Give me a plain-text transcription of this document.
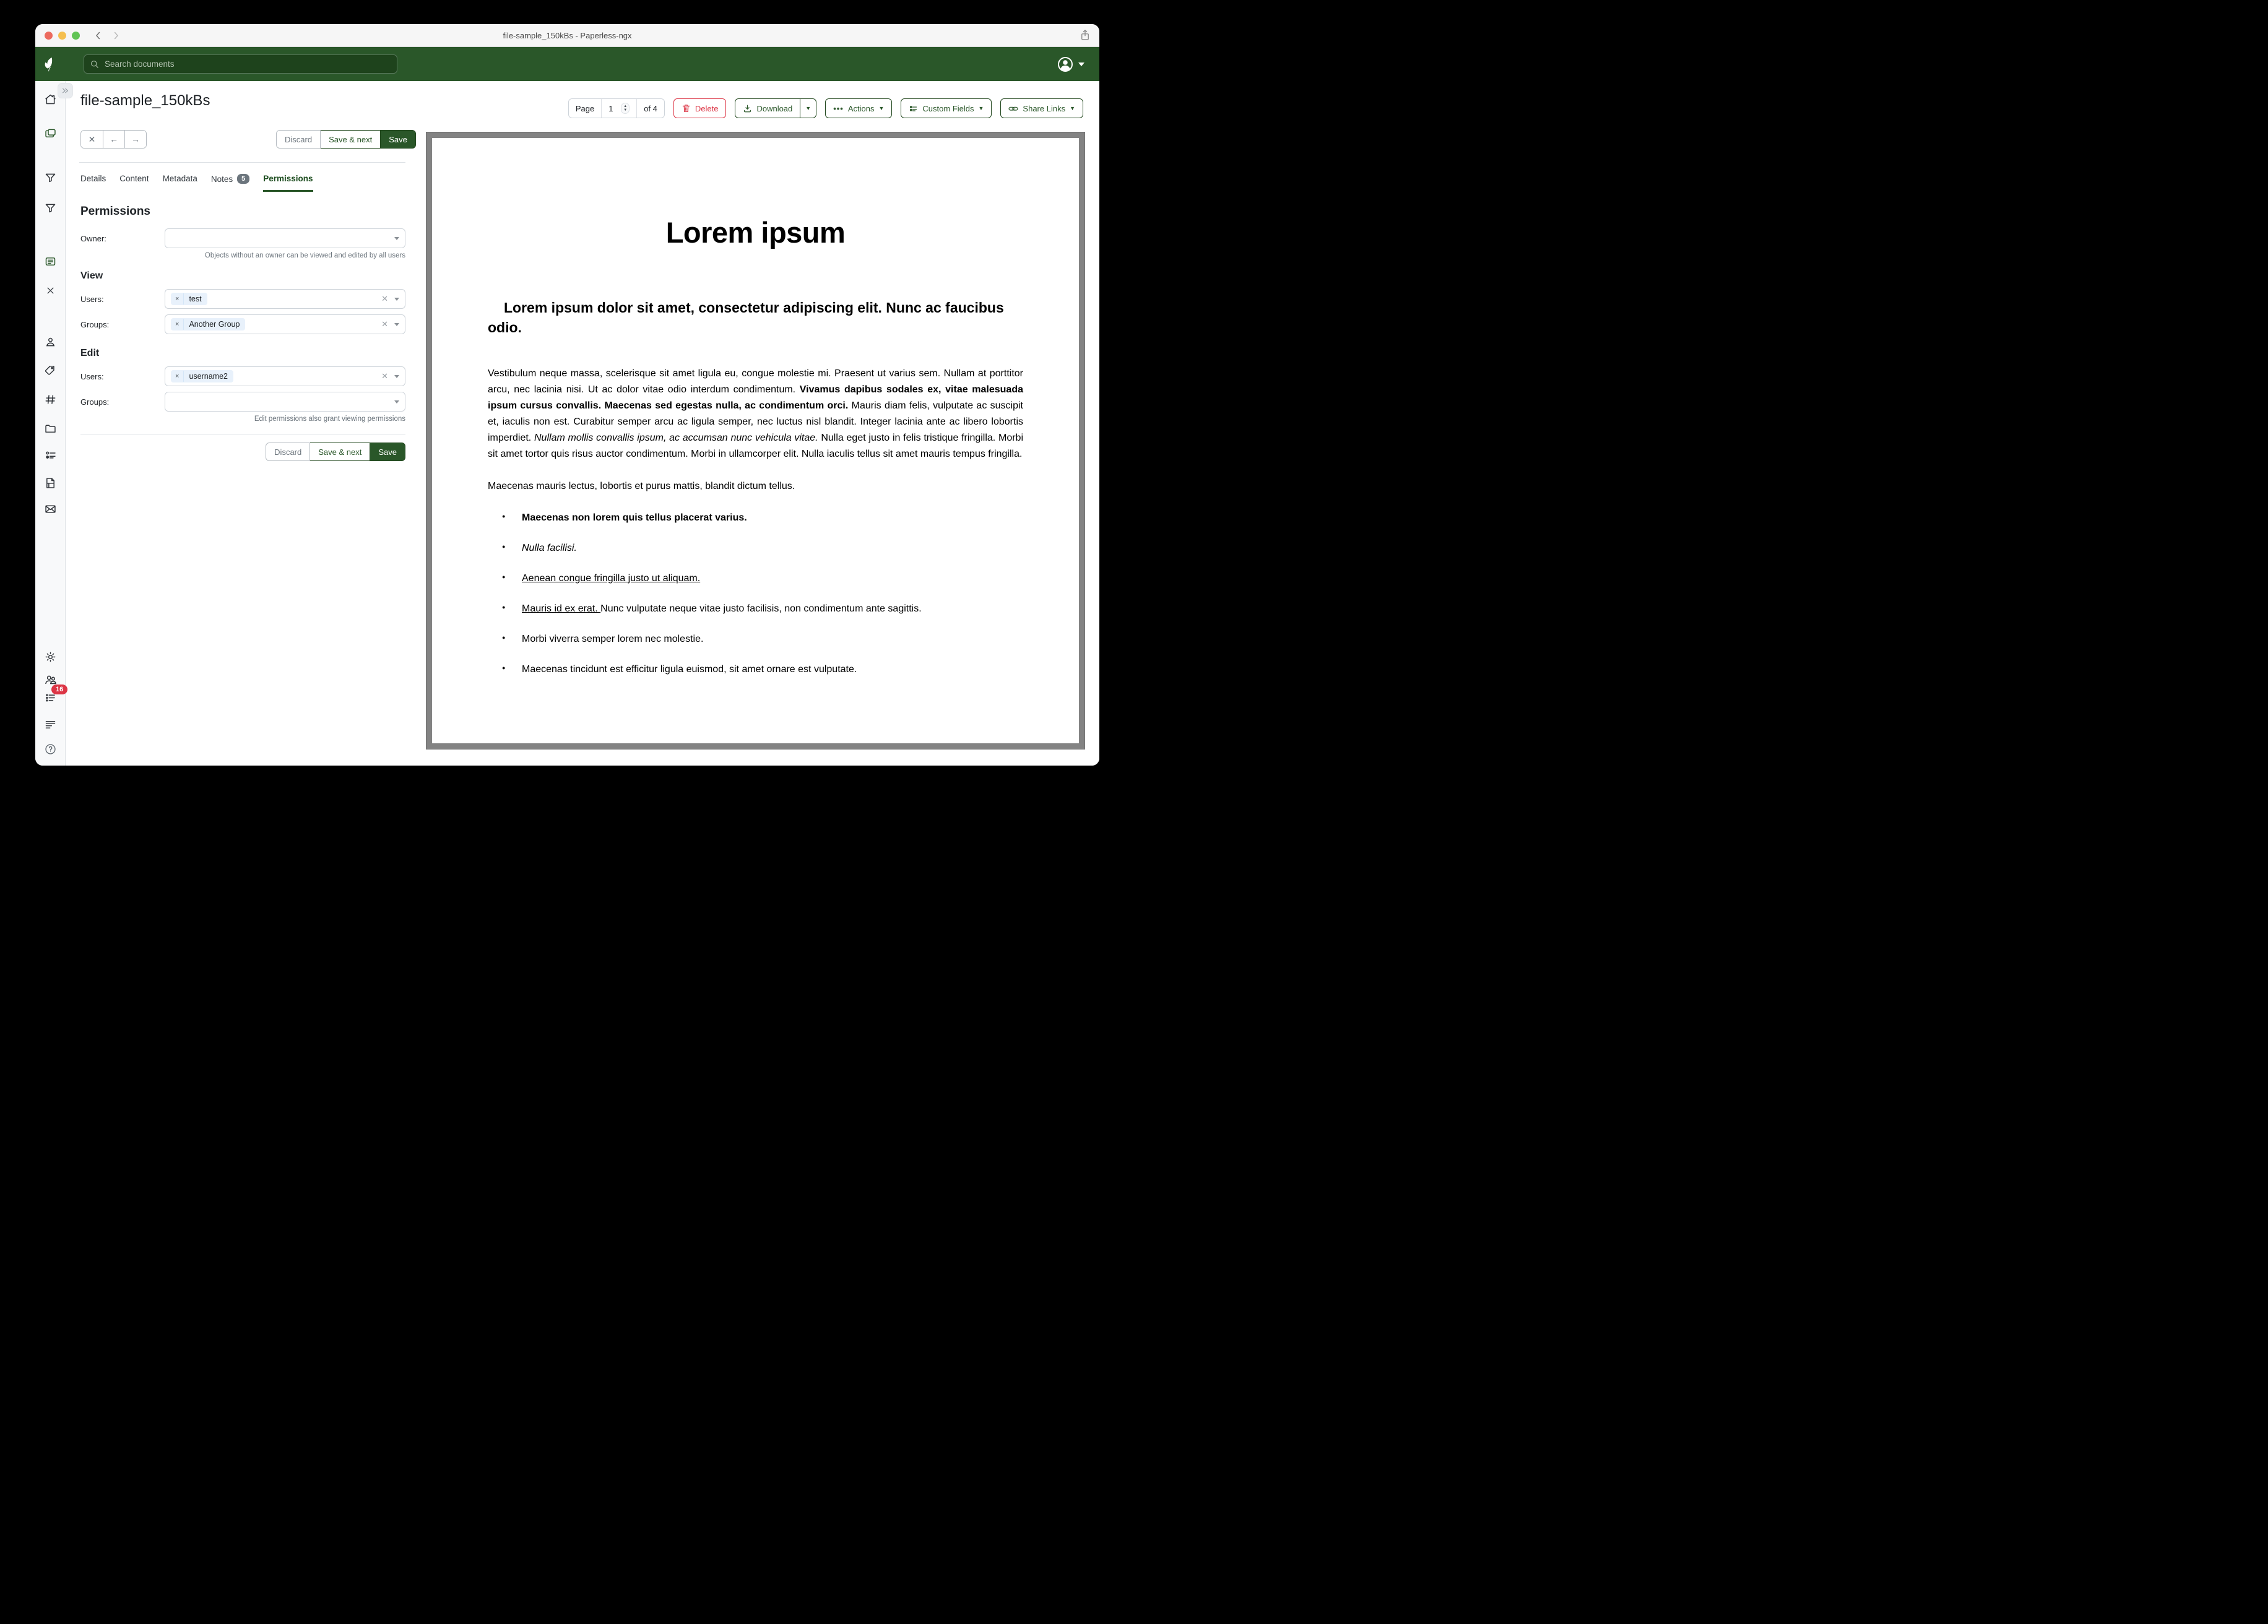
file-sample_150kBs - Paperless-ngx
Search documents
16
file-sample_150kBs	Page
1	▲
▼	of 4	Delete	Download ▼	••• Actions ▼	Custom Fields ▼	Share Links ▼
✕	←	→	Discard	Save & next	Save
Details Content Metadata Notes	5	Permissions
Permissions
Owner:
Objects without an owner can be viewed and edited by all users
View
Users:	×	test	✕
Groups:	×	Another Group	✕
Edit
Users:	×	username2	✕
Groups:
Edit permissions also grant viewing permissions
Discard	Save & next	Save
Lorem ipsum
Lorem ipsum dolor sit amet, consectetur adipiscing elit. Nunc ac faucibus odio.

Vestibulum neque massa, scelerisque sit amet ligula eu, congue molestie mi. Praesent ut varius sem. Nullam at porttitor arcu, nec lacinia nisi. Ut ac dolor vitae odio interdum condimentum. Vivamus dapibus sodales ex, vitae malesuada ipsum cursus convallis. Maecenas sed egestas nulla, ac condimentum orci. Mauris diam felis, vulputate ac suscipit et, iaculis non est. Curabitur semper arcu ac ligula semper, nec luctus nisl blandit. Integer lacinia ante ac libero lobortis imperdiet. Nullam mollis convallis ipsum, ac accumsan nunc vehicula vitae. Nulla eget justo in felis tristique fringilla. Morbi sit amet tortor quis risus auctor condimentum. Morbi in ullamcorper elit. Nulla iaculis tellus sit amet mauris tempus fringilla.

Maecenas mauris lectus, lobortis et purus mattis, blandit dictum tellus.

● Maecenas non lorem quis tellus placerat varius.
● Nulla facilisi.
● Aenean congue fringilla justo ut aliquam.
● Mauris id ex erat. Nunc vulputate neque vitae justo facilisis, non condimentum ante sagittis.
● Morbi viverra semper lorem nec molestie.
● Maecenas tincidunt est efficitur ligula euismod, sit amet ornare est vulputate.
